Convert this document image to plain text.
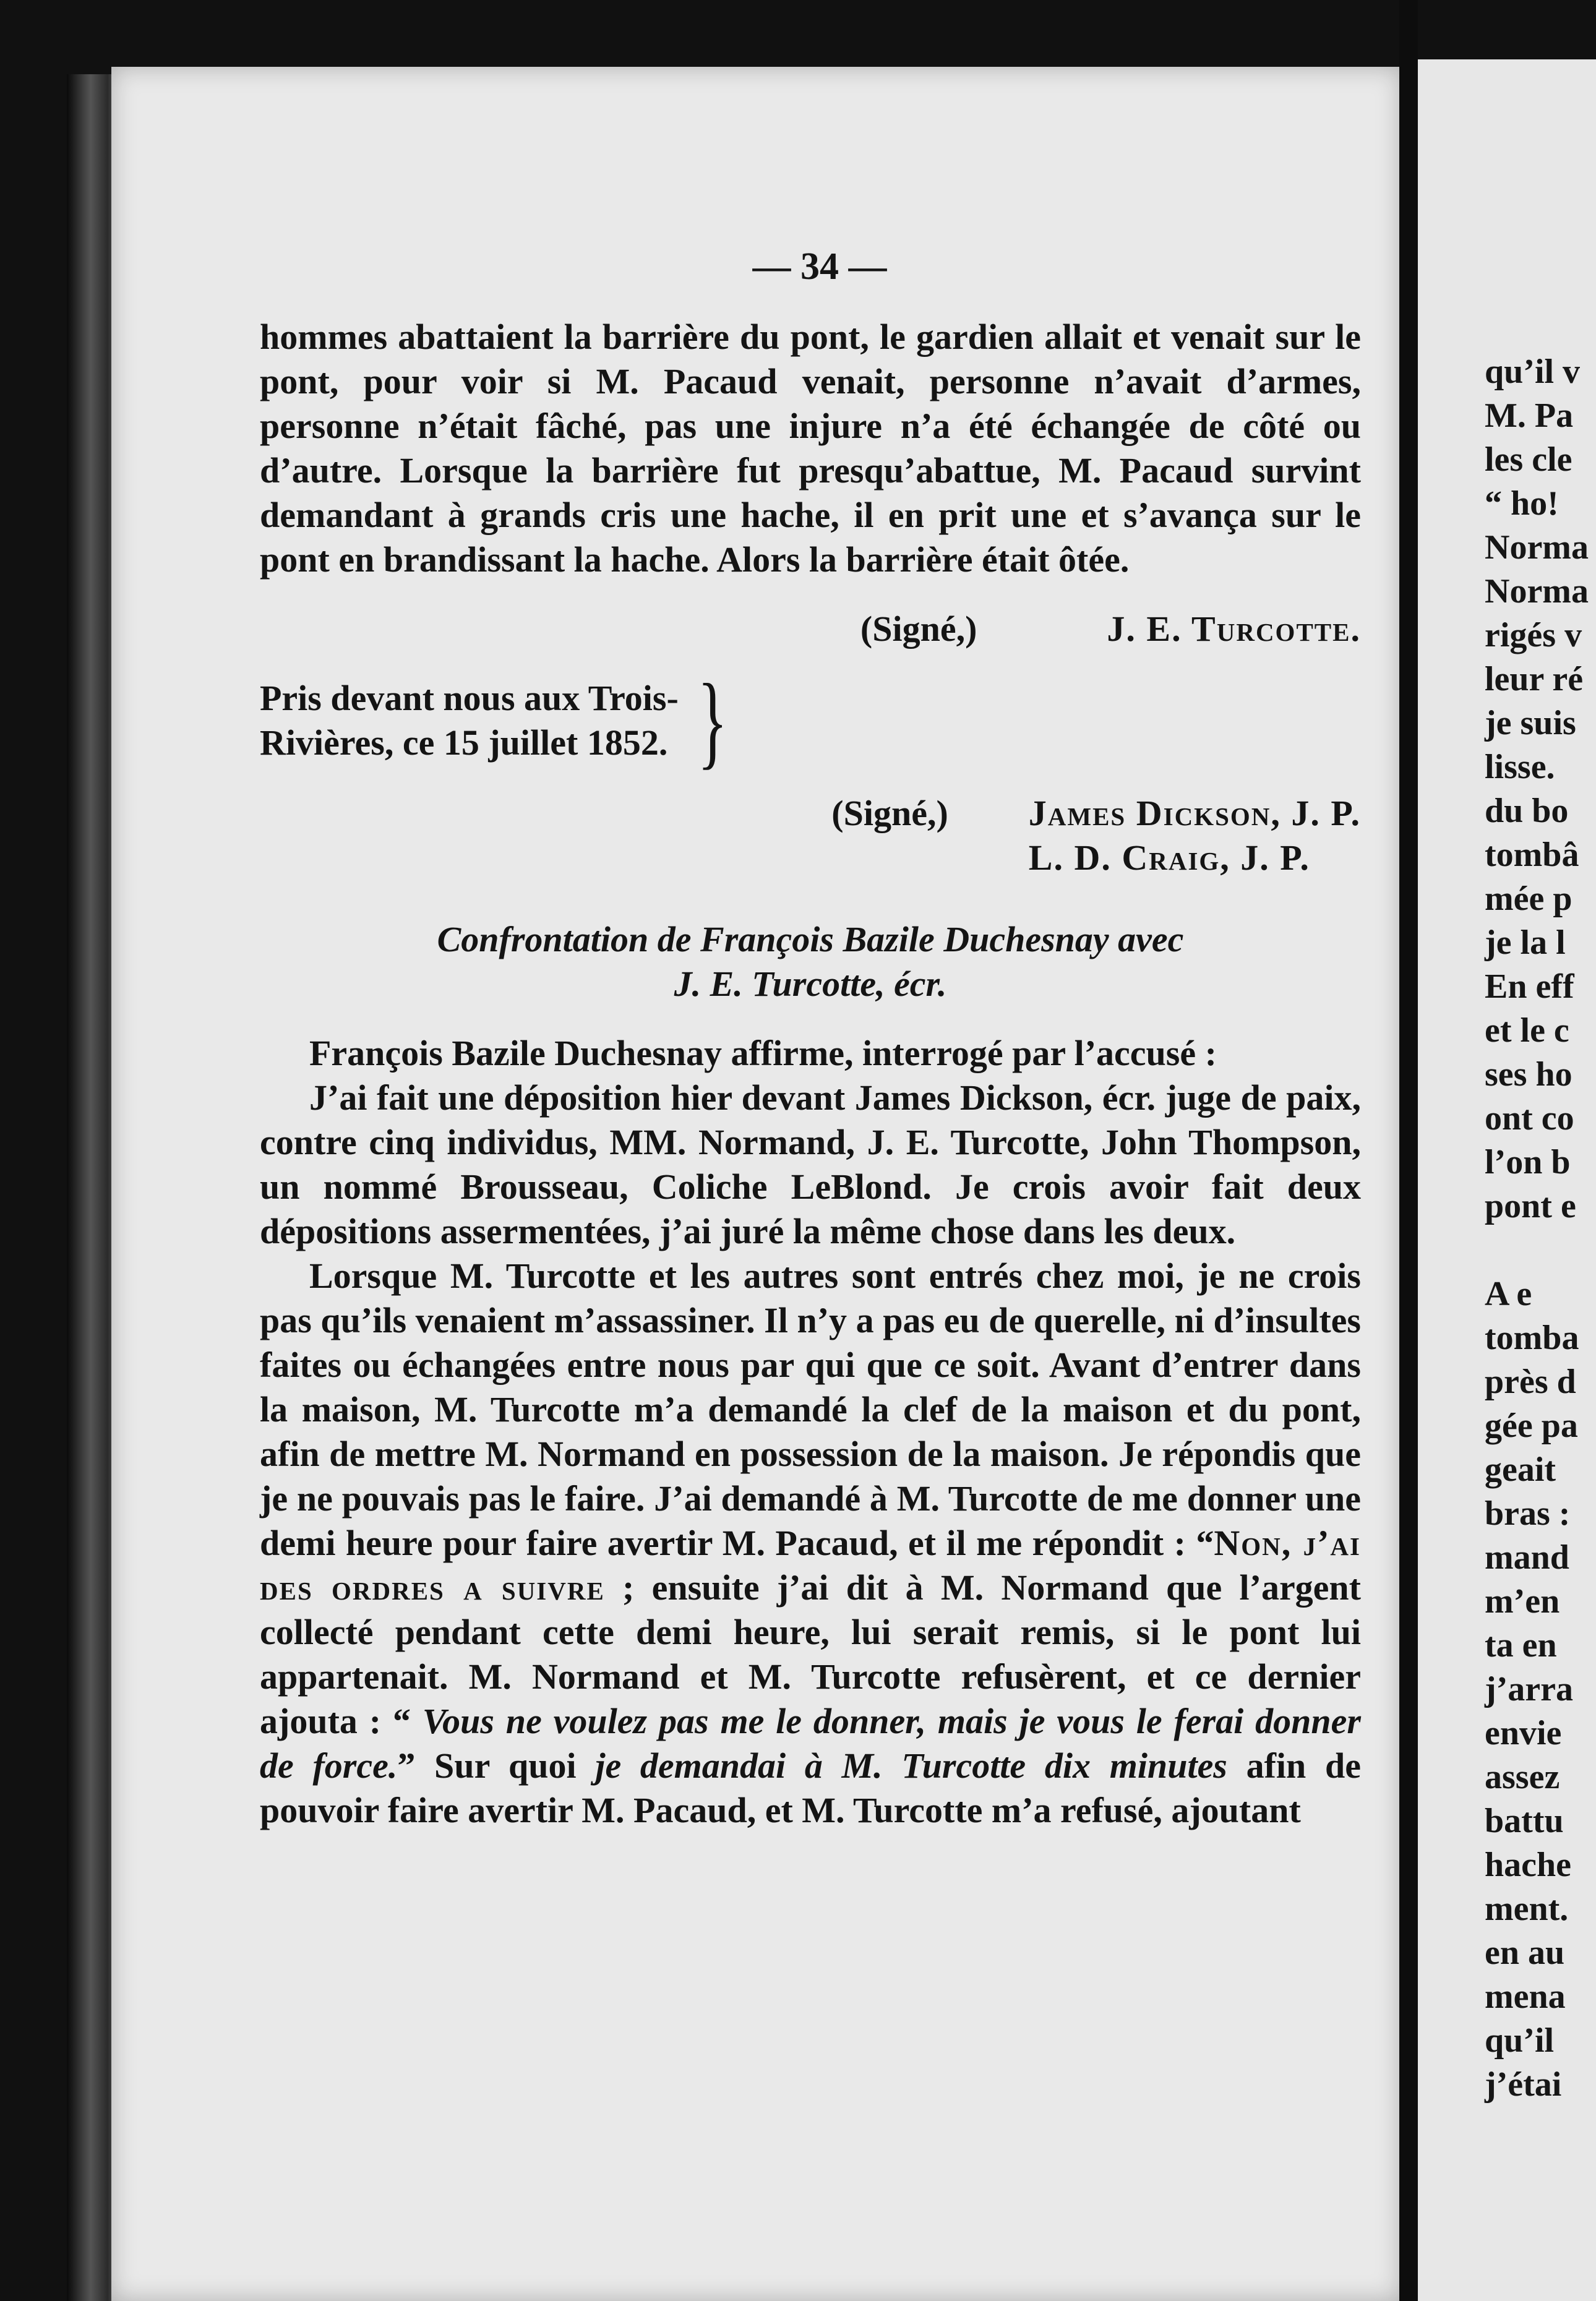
qu’il v
M. Pa
les cle
“ ho!
Norma
Norma
rigés v
leur ré
je suis
lisse.
du bo
tombâ
mée p
je la l
En eff
et le c
ses ho
ont co
l’on b
pont e

A e
tomba
près d
gée pa
geait
bras :
mand
m’en
ta en
j’arra
envie
assez
battu
hache
ment.
en au
mena
qu’il
j’étai
— 34 —

hommes abattaient la barrière du pont, le gardien allait et venait sur le pont, pour voir si M. Pacaud venait, personne n’avait d’armes, personne n’était fâché, pas une injure n’a été échangée de côté ou d’autre. Lorsque la barrière fut presqu’abattue, M. Pacaud survint demandant à grands cris une hache, il en prit une et s’avança sur le pont en brandissant la hache. Alors la barrière était ôtée.

(Signé,)	J. E. Turcotte.
Pris devant nous aux Trois-
Rivières, ce 15 juillet 1852. }
(Signé,) James Dickson, J. P.
L. D. Craig, J. P.
Confrontation de François Bazile Duchesnay avec
J. E. Turcotte, écr.

François Bazile Duchesnay affirme, interrogé par l’accusé :

J’ai fait une déposition hier devant James Dickson, écr. juge de paix, contre cinq individus, MM. Normand, J. E. Turcotte, John Thompson, un nommé Brousseau, Coliche LeBlond. Je crois avoir fait deux dépositions assermentées, j’ai juré la même chose dans les deux.

Lorsque M. Turcotte et les autres sont entrés chez moi, je ne crois pas qu’ils venaient m’assassiner. Il n’y a pas eu de querelle, ni d’insultes faites ou échangées entre nous par qui que ce soit. Avant d’entrer dans la maison, M. Turcotte m’a demandé la clef de la maison et du pont, afin de mettre M. Normand en possession de la maison. Je répondis que je ne pouvais pas le faire. J’ai demandé à M. Turcotte de me donner une demi heure pour faire avertir M. Pacaud, et il me répondit : “Non, j’ai des ordres a suivre ; ensuite j’ai dit à M. Normand que l’argent collecté pendant cette demi heure, lui serait remis, si le pont lui appartenait. M. Normand et M. Turcotte refusèrent, et ce dernier ajouta : “ Vous ne voulez pas me le donner, mais je vous le ferai donner de force.” Sur quoi je demandai à M. Turcotte dix minutes afin de pouvoir faire avertir M. Pacaud, et M. Turcotte m’a refusé, ajoutant
